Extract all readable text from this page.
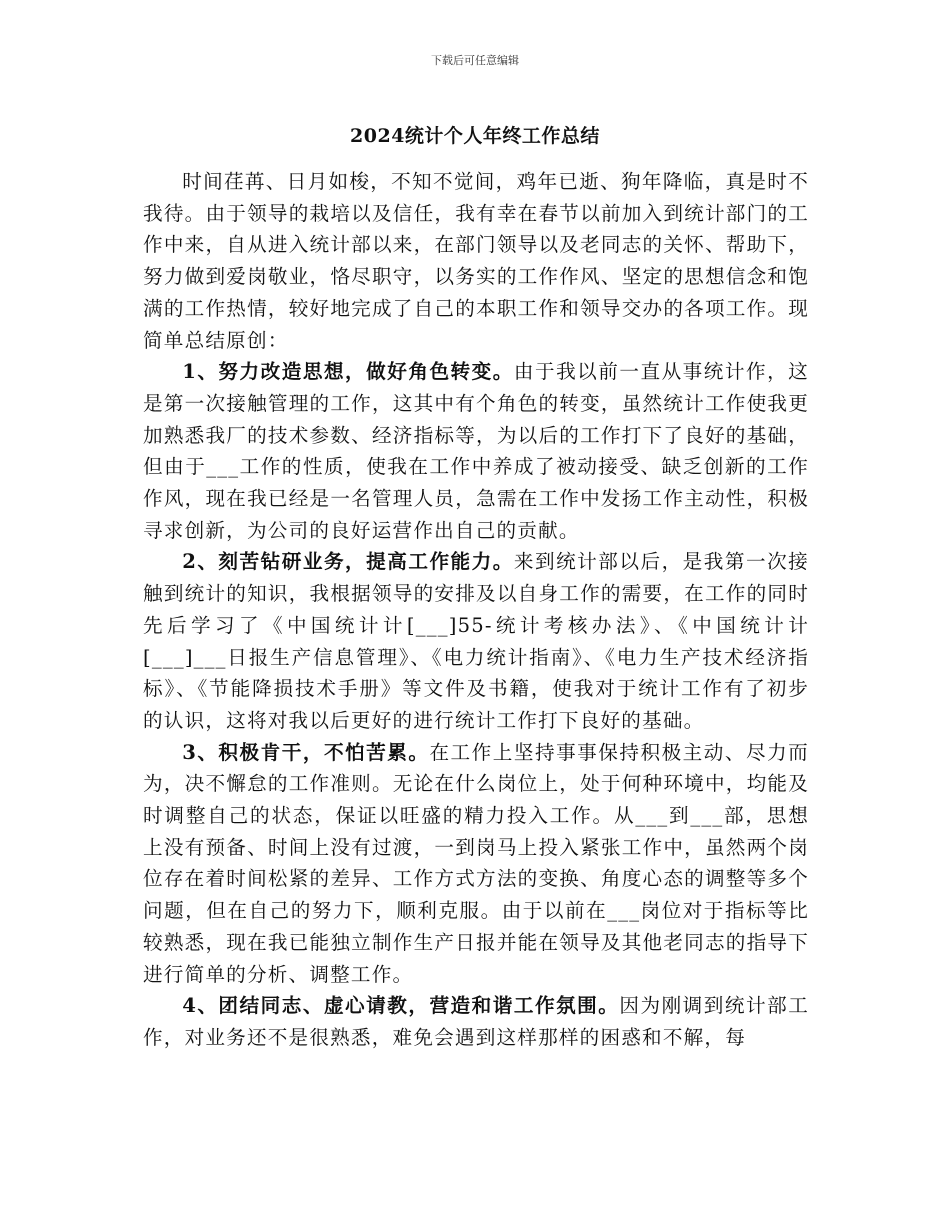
下载后可任意编辑
2024统计个人年终工作总结

时间荏苒、日月如梭，不知不觉间，鸡年已逝、狗年降临，真是时不我待。由于领导的栽培以及信任，我有幸在春节以前加入到统计部门的工作中来，自从进入统计部以来，在部门领导以及老同志的关怀、帮助下，努力做到爱岗敬业，恪尽职守，以务实的工作作风、坚定的思想信念和饱满的工作热情，较好地完成了自己的本职工作和领导交办的各项工作。现简单总结原创：

1、努力改造思想，做好角色转变。由于我以前一直从事统计作，这是第一次接触管理的工作，这其中有个角色的转变，虽然统计工作使我更加熟悉我厂的技术参数、经济指标等，为以后的工作打下了良好的基础，但由于___工作的性质，使我在工作中养成了被动接受、缺乏创新的工作作风，现在我已经是一名管理人员，急需在工作中发扬工作主动性，积极寻求创新，为公司的良好运营作出自己的贡献。

2、刻苦钻研业务，提高工作能力。来到统计部以后，是我第一次接触到统计的知识，我根据领导的安排及以自身工作的需要，在工作的同时先后学习了《中国统计计[___]55-统计考核办法》、《中国统计计[___]___日报生产信息管理》、《电力统计指南》、《电力生产技术经济指标》、《节能降损技术手册》等文件及书籍，使我对于统计工作有了初步的认识，这将对我以后更好的进行统计工作打下良好的基础。

3、积极肯干，不怕苦累。在工作上坚持事事保持积极主动、尽力而为，决不懈怠的工作准则。无论在什么岗位上，处于何种环境中，均能及时调整自己的状态，保证以旺盛的精力投入工作。从___到___部，思想上没有预备、时间上没有过渡，一到岗马上投入紧张工作中，虽然两个岗位存在着时间松紧的差异、工作方式方法的变换、角度心态的调整等多个问题，但在自己的努力下，顺利克服。由于以前在___岗位对于指标等比较熟悉，现在我已能独立制作生产日报并能在领导及其他老同志的指导下进行简单的分析、调整工作。

4、团结同志、虚心请教，营造和谐工作氛围。因为刚调到统计部工作，对业务还不是很熟悉，难免会遇到这样那样的困惑和不解，每
